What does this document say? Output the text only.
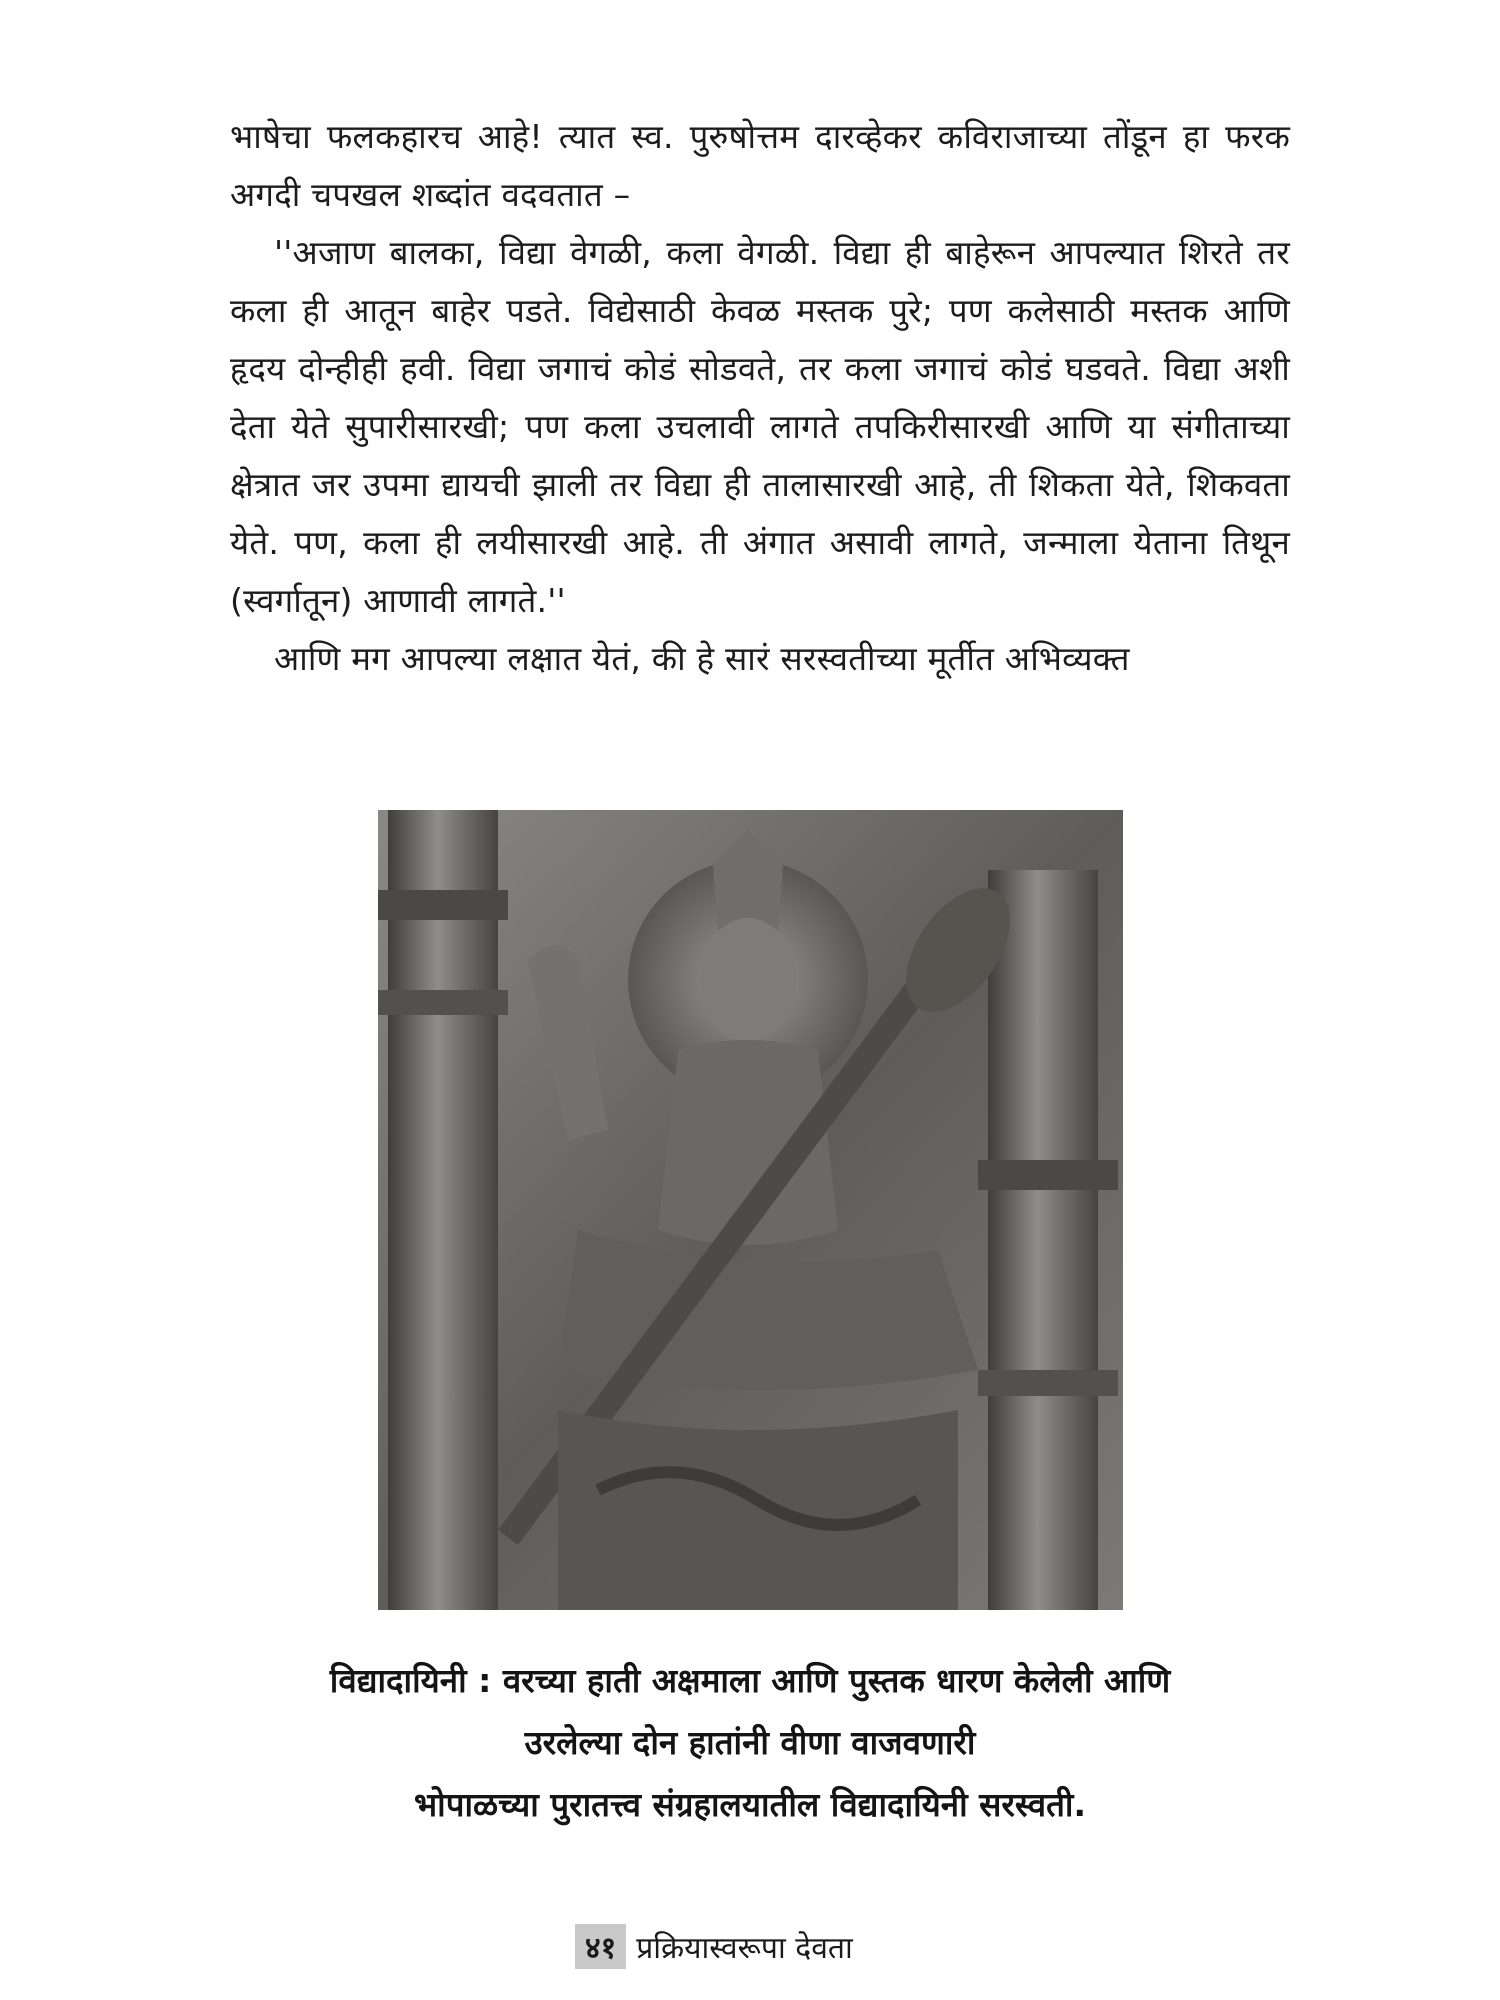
भाषेचा फलकहारच आहे! त्यात स्व. पुरुषोत्तम दारव्हेकर कविराजाच्या तोंडून हा फरक अगदी चपखल शब्दांत वदवतात –

''अजाण बालका, विद्या वेगळी, कला वेगळी. विद्या ही बाहेरून आपल्यात शिरते तर कला ही आतून बाहेर पडते. विद्येसाठी केवळ मस्तक पुरे; पण कलेसाठी मस्तक आणि हृदय दोन्हीही हवी. विद्या जगाचं कोडं सोडवते, तर कला जगाचं कोडं घडवते. विद्या अशी देता येते सुपारीसारखी; पण कला उचलावी लागते तपकिरीसारखी आणि या संगीताच्या क्षेत्रात जर उपमा द्यायची झाली तर विद्या ही तालासारखी आहे, ती शिकता येते, शिकवता येते. पण, कला ही लयीसारखी आहे. ती अंगात असावी लागते, जन्माला येताना तिथून (स्वर्गातून) आणावी लागते.''

आणि मग आपल्या लक्षात येतं, की हे सारं सरस्वतीच्या मूर्तीत अभिव्यक्त

विद्यादायिनी : वरच्या हाती अक्षमाला आणि पुस्तक धारण केलेली आणि
उरलेल्या दोन हातांनी वीणा वाजवणारी
भोपाळच्या पुरातत्त्व संग्रहालयातील विद्यादायिनी सरस्वती.
४१ प्रक्रियास्वरूपा देवता
